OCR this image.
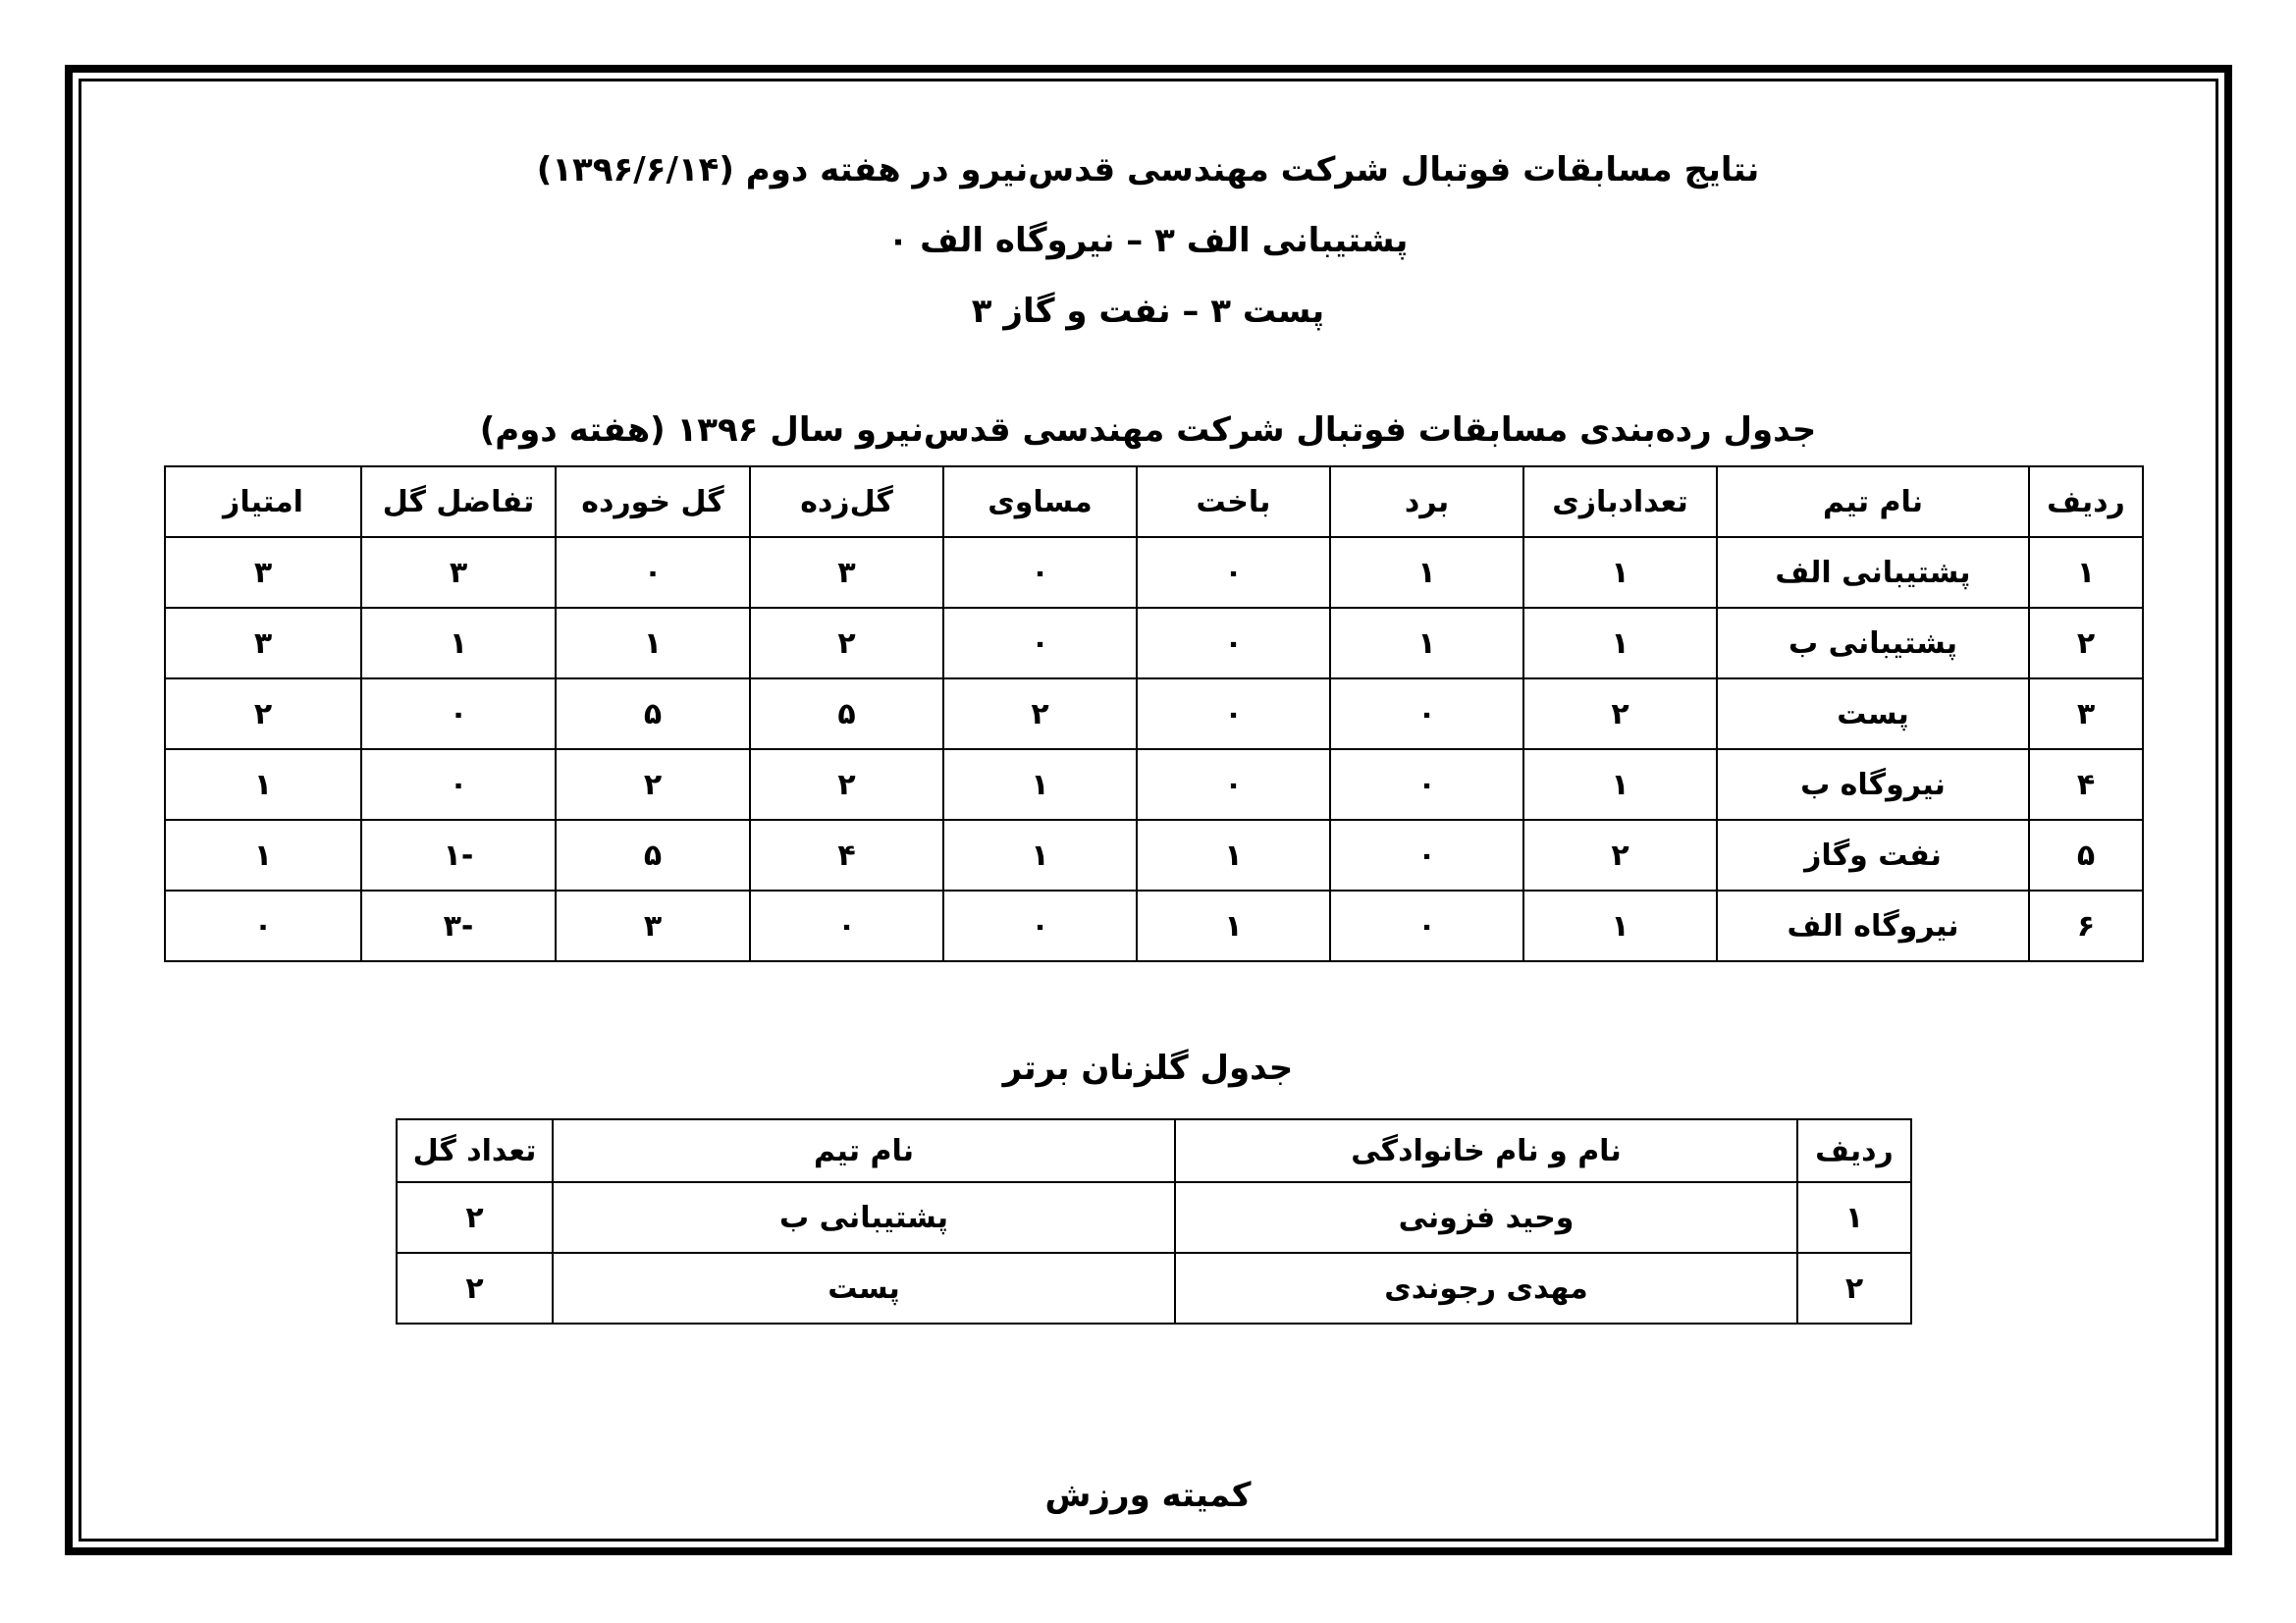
نتایج مسابقات فوتبال شرکت مهندسی قدس‌نیرو در هفته دوم (۱۳۹۶/۶/۱۴)
پشتیبانی الف ۳ – نیروگاه الف ۰
پست ۳ – نفت و گاز ۳
جدول رده‌بندی مسابقات فوتبال شرکت مهندسی قدس‌نیرو سال ۱۳۹۶ (هفته دوم)
ردیف	نام تیم	تعدادبازی	برد	باخت	مساوی	گل‌زده	گل خورده	تفاضل گل	امتیاز
۱	پشتیبانی الف	۱	۱	۰	۰	۳	۰	۳	۳
۲	پشتیبانی ب	۱	۱	۰	۰	۲	۱	۱	۳
۳	پست	۲	۰	۰	۲	۵	۵	۰	۲
۴	نیروگاه ب	۱	۰	۰	۱	۲	۲	۰	۱
۵	نفت وگاز	۲	۰	۱	۱	۴	۵	-۱	۱
۶	نیروگاه الف	۱	۰	۱	۰	۰	۳	-۳	۰
جدول گلزنان برتر
ردیف	نام و نام خانوادگی	نام تیم	تعداد گل
۱	وحید فزونی	پشتیبانی ب	۲
۲	مهدی رجوندی	پست	۲
کمیته ورزش
